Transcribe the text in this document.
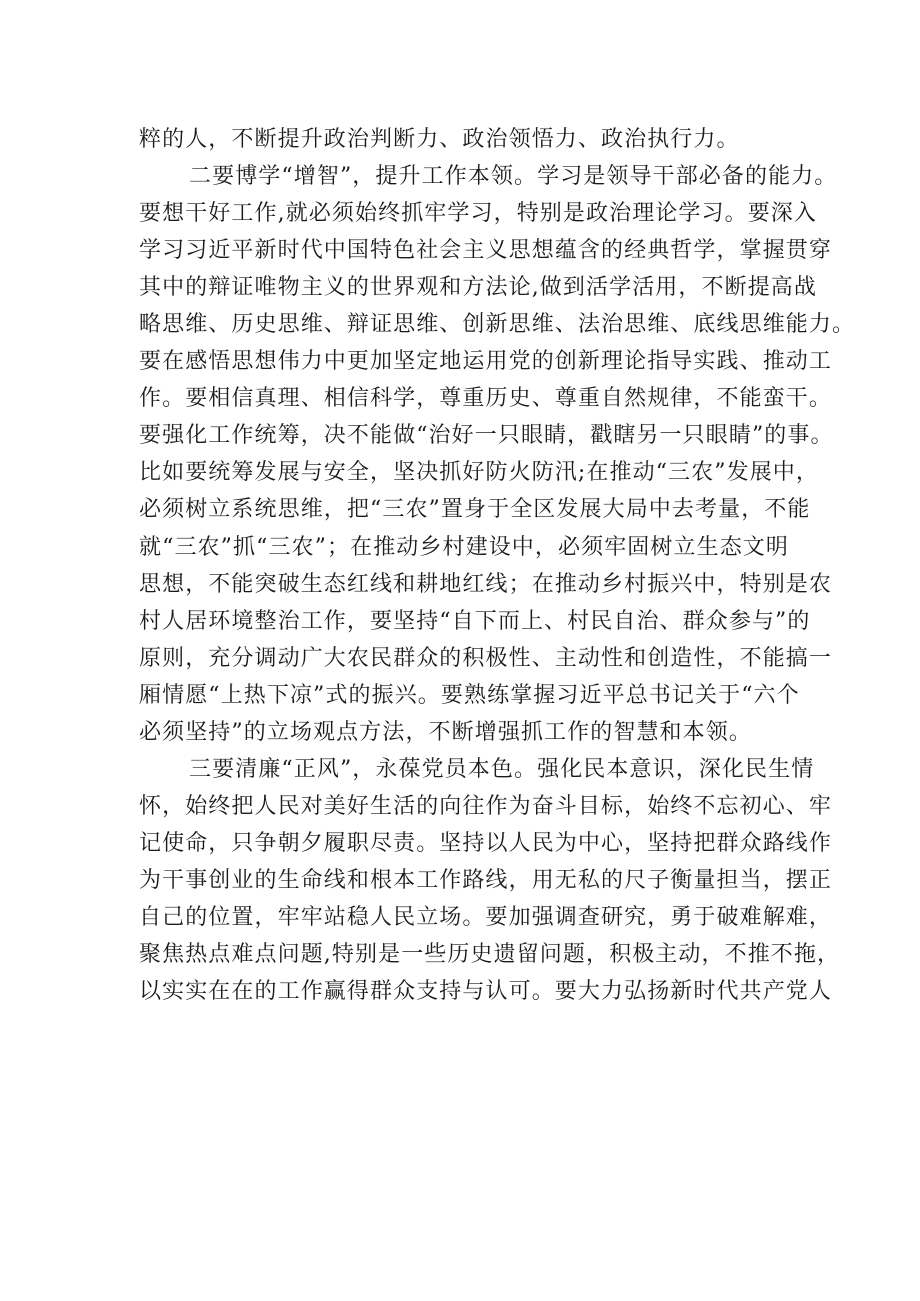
粹的人，不断提升政治判断力、政治领悟力、政治执行力。
二要博学“增智”，提升工作本领。学习是领导干部必备的能力。
要想干好工作,就必须始终抓牢学习，特别是政治理论学习。要深入
学习习近平新时代中国特色社会主义思想蕴含的经典哲学，掌握贯穿
其中的辩证唯物主义的世界观和方法论,做到活学活用，不断提高战
略思维、历史思维、辩证思维、创新思维、法治思维、底线思维能力。
要在感悟思想伟力中更加坚定地运用党的创新理论指导实践、推动工
作。要相信真理、相信科学，尊重历史、尊重自然规律，不能蛮干。
要强化工作统筹，决不能做“治好一只眼睛，戳瞎另一只眼睛”的事。
比如要统筹发展与安全，坚决抓好防火防汛;在推动“三农”发展中，
必须树立系统思维，把“三农”置身于全区发展大局中去考量，不能
就“三农”抓“三农”；在推动乡村建设中，必须牢固树立生态文明
思想，不能突破生态红线和耕地红线；在推动乡村振兴中，特别是农
村人居环境整治工作，要坚持“自下而上、村民自治、群众参与”的
原则，充分调动广大农民群众的积极性、主动性和创造性，不能搞一
厢情愿“上热下凉”式的振兴。要熟练掌握习近平总书记关于“六个
必须坚持”的立场观点方法，不断增强抓工作的智慧和本领。
三要清廉“正风”，永葆党员本色。强化民本意识，深化民生情
怀，始终把人民对美好生活的向往作为奋斗目标，始终不忘初心、牢
记使命，只争朝夕履职尽责。坚持以人民为中心，坚持把群众路线作
为干事创业的生命线和根本工作路线，用无私的尺子衡量担当，摆正
自己的位置，牢牢站稳人民立场。要加强调查研究，勇于破难解难，
聚焦热点难点问题,特别是一些历史遗留问题，积极主动，不推不拖，
以实实在在的工作赢得群众支持与认可。要大力弘扬新时代共产党人
